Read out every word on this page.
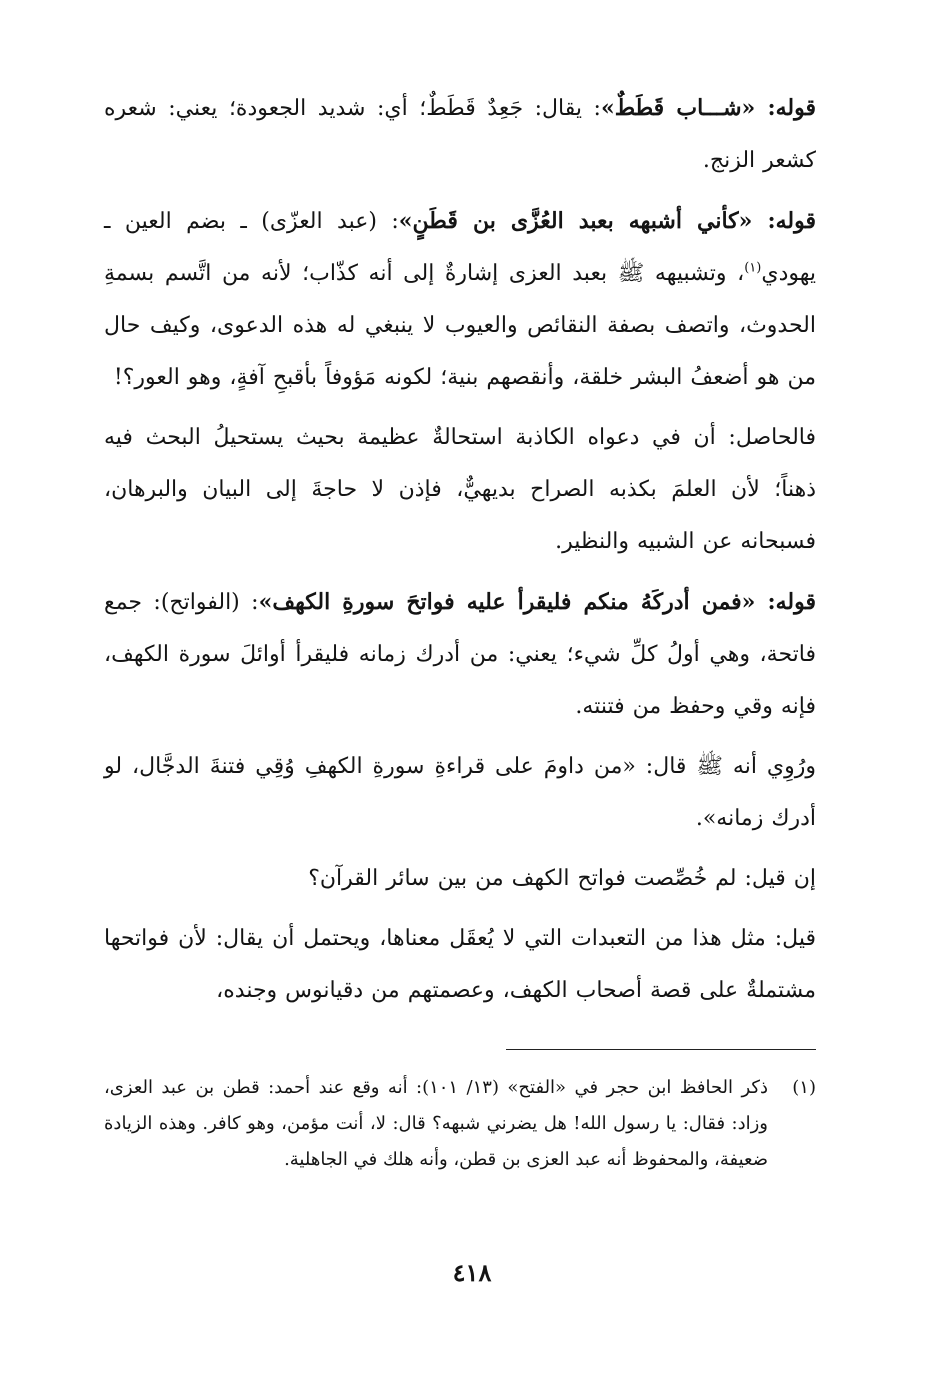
قوله: «شـــاب قَطَطٌ»: يقال: جَعِدٌ قَطَطٌ؛ أي: شديد الجعودة؛ يعني: شعره كشعر الزنج.

قوله: «كأني أشبهه بعبد العُزَّى بن قَطَنٍ»: (عبد العزّى) ـ بضم العين ـ يهودي$^{(١)}$، وتشبيهه ﷺ بعبد العزى إشارةٌ إلى أنه كذّاب؛ لأنه من اتَّسم بسمةِ الحدوث، واتصف بصفة النقائص والعيوب لا ينبغي له هذه الدعوى، وكيف حال من هو أضعفُ البشر خلقة، وأنقصهم بنية؛ لكونه مَؤوفاً بأقبحِ آفةٍ، وهو العور؟!

فالحاصل: أن في دعواه الكاذبة استحالةٌ عظيمة بحيث يستحيلُ البحث فيه ذهناً؛ لأن العلمَ بكذبه الصراح بديهيٌّ، فإذن لا حاجةَ إلى البيان والبرهان، فسبحانه عن الشبيه والنظير.

قوله: «فمن أدركَهُ منكم فليقرأ عليه فواتحَ سورةِ الكهف»: (الفواتح): جمع فاتحة، وهي أولُ كلِّ شيء؛ يعني: من أدرك زمانه فليقرأ أوائلَ سورة الكهف، فإنه وقي وحفظ من فتنته.

ورُوِي أنه ﷺ قال: «من داومَ على قراءةِ سورةِ الكهفِ وُقِي فتنةَ الدجَّال، لو أدرك زمانه».

إن قيل: لم خُصِّصت فواتح الكهف من بين سائر القرآن؟

قيل: مثل هذا من التعبدات التي لا يُعقَل معناها، ويحتمل أن يقال: لأن فواتحها مشتملةٌ على قصة أصحاب الكهف، وعصمتهم من دقيانوس وجنده،

(١)
ذكر الحافظ ابن حجر في «الفتح» (١٣/ ١٠١): أنه وقع عند أحمد: قطن بن عبد العزى، وزاد: فقال: يا رسول الله! هل يضرني شبهه؟ قال: لا، أنت مؤمن، وهو كافر. وهذه الزيادة ضعيفة، والمحفوظ أنه عبد العزى بن قطن، وأنه هلك في الجاهلية.
٤١٨
